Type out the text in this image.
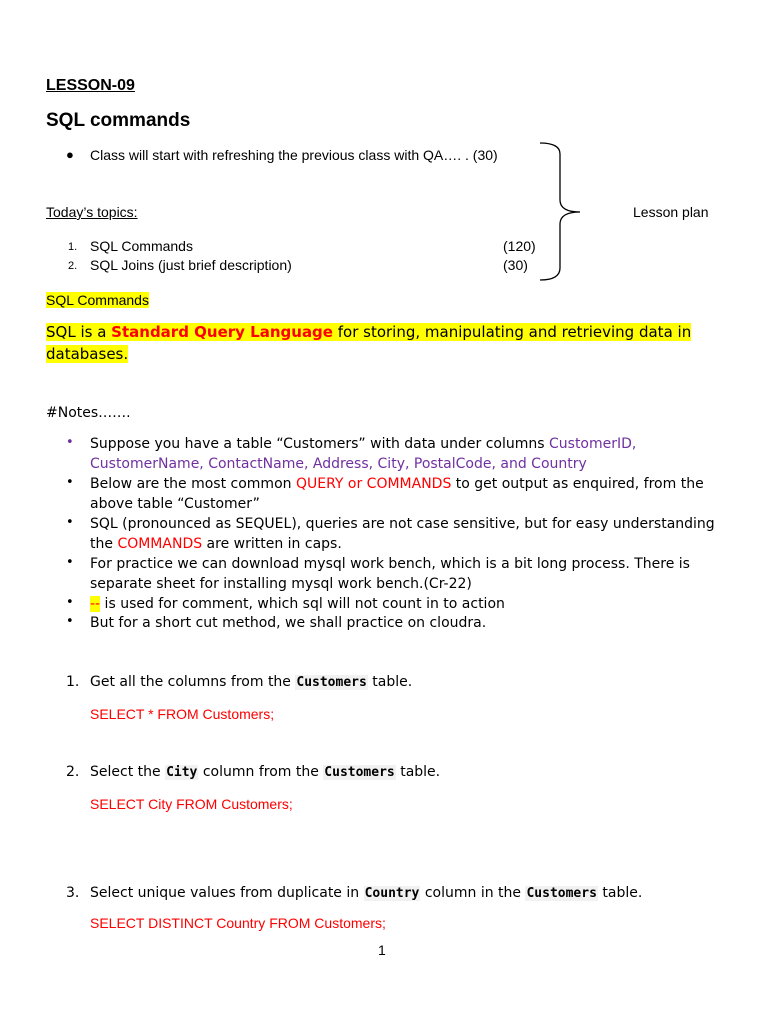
LESSON-09
SQL commands
● Class will start with refreshing the previous class with QA…. . (30)
Today’s topics:	Lesson plan
1. SQL Commands	(120)
2. SQL Joins (just brief description)	(30)
SQL Commands
SQL is a Standard Query Language for storing, manipulating and retrieving data in databases.
#Notes…….
• Suppose you have a table “Customers” with data under columns CustomerID, CustomerName, ContactName, Address, City, PostalCode, and Country
• Below are the most common QUERY or COMMANDS to get output as enquired, from the above table “Customer”
• SQL (pronounced as SEQUEL), queries are not case sensitive, but for easy understanding the COMMANDS are written in caps.
• For practice we can download mysql work bench, which is a bit long process. There is separate sheet for installing mysql work bench.(Cr-22)
• -- is used for comment, which sql will not count in to action
• But for a short cut method, we shall practice on cloudra.
1. Get all the columns from the Customers table.
SELECT * FROM Customers;
2. Select the City column from the Customers table.
SELECT City FROM Customers;
3. Select unique values from duplicate in Country column in the Customers table.
SELECT DISTINCT Country FROM Customers;
1
